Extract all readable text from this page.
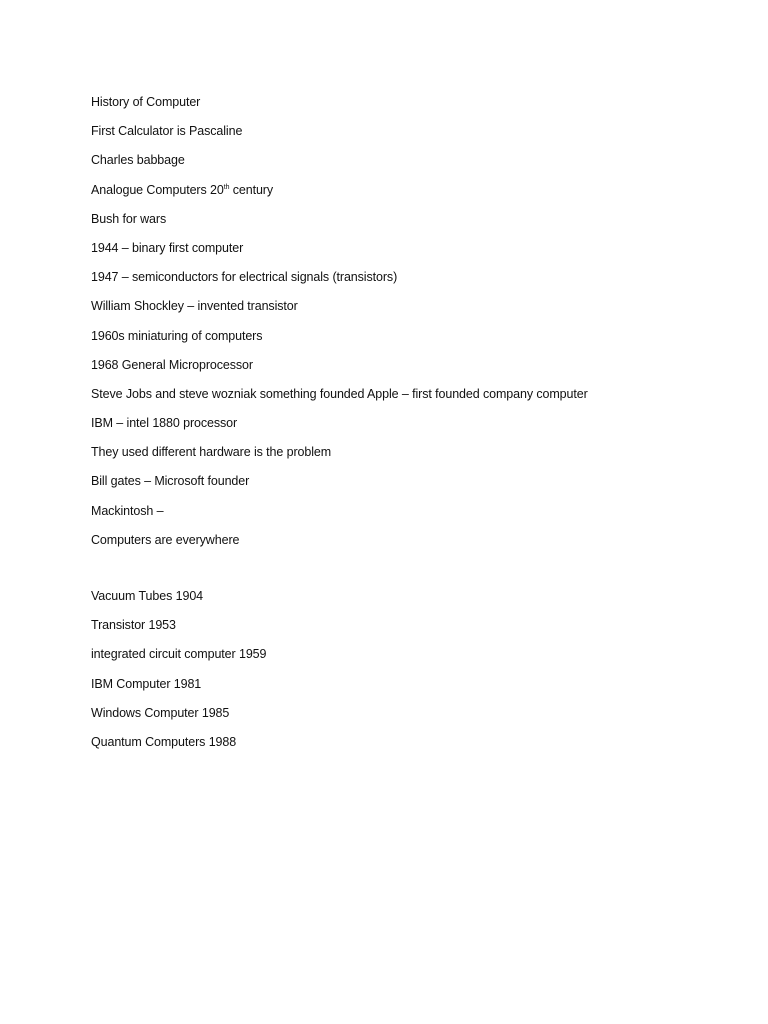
History of Computer
First Calculator is Pascaline
Charles babbage
Analogue Computers 20th century
Bush for wars
1944 – binary first computer
1947 – semiconductors for electrical signals (transistors)
William Shockley – invented transistor
1960s miniaturing of computers
1968 General Microprocessor
Steve Jobs and steve wozniak something founded Apple – first founded company computer
IBM – intel 1880 processor
They used different hardware is the problem
Bill gates – Microsoft founder
Mackintosh –
Computers are everywhere
Vacuum Tubes 1904
Transistor 1953
integrated circuit computer 1959
IBM Computer 1981
Windows Computer 1985
Quantum Computers 1988
